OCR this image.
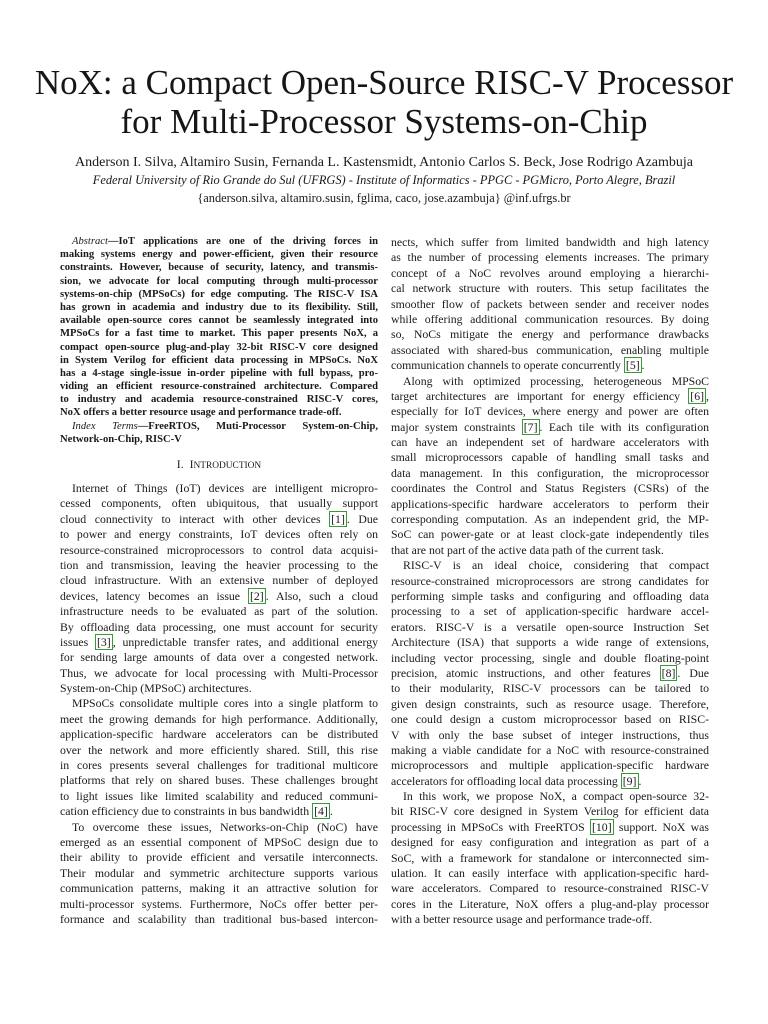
NoX: a Compact Open-Source RISC-V Processor
for Multi-Processor Systems-on-Chip
Anderson I. Silva, Altamiro Susin, Fernanda L. Kastensmidt, Antonio Carlos S. Beck, Jose Rodrigo Azambuja
Federal University of Rio Grande do Sul (UFRGS) - Institute of Informatics - PPGC - PGMicro, Porto Alegre, Brazil
{anderson.silva, altamiro.susin, fglima, caco, jose.azambuja} @inf.ufrgs.br
Abstract—IoT applications are one of the driving forces in
making systems energy and power-efficient, given their resource
constraints. However, because of security, latency, and transmis-
sion, we advocate for local computing through multi-processor
systems-on-chip (MPSoCs) for edge computing. The RISC-V ISA
has grown in academia and industry due to its flexibility. Still,
available open-source cores cannot be seamlessly integrated into
MPSoCs for a fast time to market. This paper presents NoX, a
compact open-source plug-and-play 32-bit RISC-V core designed
in System Verilog for efficient data processing in MPSoCs. NoX
has a 4-stage single-issue in-order pipeline with full bypass, pro-
viding an efficient resource-constrained architecture. Compared
to industry and academia resource-constrained RISC-V cores,
NoX offers a better resource usage and performance trade-off.
Index Terms—FreeRTOS, Muti-Processor System-on-Chip,
Network-on-Chip, RISC-V
I. INTRODUCTION
Internet of Things (IoT) devices are intelligent micropro-
cessed components, often ubiquitous, that usually support
cloud connectivity to interact with other devices [1] . Due
to power and energy constraints, IoT devices often rely on
resource-constrained microprocessors to control data acquisi-
tion and transmission, leaving the heavier processing to the
cloud infrastructure. With an extensive number of deployed
devices, latency becomes an issue [2] . Also, such a cloud
infrastructure needs to be evaluated as part of the solution.
By offloading data processing, one must account for security
issues [3] , unpredictable transfer rates, and additional energy
for sending large amounts of data over a congested network.
Thus, we advocate for local processing with Multi-Processor
System-on-Chip (MPSoC) architectures.
MPSoCs consolidate multiple cores into a single platform to
meet the growing demands for high performance. Additionally,
application-specific hardware accelerators can be distributed
over the network and more efficiently shared. Still, this rise
in cores presents several challenges for traditional multicore
platforms that rely on shared buses. These challenges brought
to light issues like limited scalability and reduced communi-
cation efficiency due to constraints in bus bandwidth [4] .
To overcome these issues, Networks-on-Chip (NoC) have
emerged as an essential component of MPSoC design due to
their ability to provide efficient and versatile interconnects.
Their modular and symmetric architecture supports various
communication patterns, making it an attractive solution for
multi-processor systems. Furthermore, NoCs offer better per-
formance and scalability than traditional bus-based intercon-
nects, which suffer from limited bandwidth and high latency
as the number of processing elements increases. The primary
concept of a NoC revolves around employing a hierarchi-
cal network structure with routers. This setup facilitates the
smoother flow of packets between sender and receiver nodes
while offering additional communication resources. By doing
so, NoCs mitigate the energy and performance drawbacks
associated with shared-bus communication, enabling multiple
communication channels to operate concurrently [5] .
Along with optimized processing, heterogeneous MPSoC
target architectures are important for energy efficiency [6] ,
especially for IoT devices, where energy and power are often
major system constraints [7] . Each tile with its configuration
can have an independent set of hardware accelerators with
small microprocessors capable of handling small tasks and
data management. In this configuration, the microprocessor
coordinates the Control and Status Registers (CSRs) of the
applications-specific hardware accelerators to perform their
corresponding computation. As an independent grid, the MP-
SoC can power-gate or at least clock-gate independently tiles
that are not part of the active data path of the current task.
RISC-V is an ideal choice, considering that compact
resource-constrained microprocessors are strong candidates for
performing simple tasks and configuring and offloading data
processing to a set of application-specific hardware accel-
erators. RISC-V is a versatile open-source Instruction Set
Architecture (ISA) that supports a wide range of extensions,
including vector processing, single and double floating-point
precision, atomic instructions, and other features [8] . Due
to their modularity, RISC-V processors can be tailored to
given design constraints, such as resource usage. Therefore,
one could design a custom microprocessor based on RISC-
V with only the base subset of integer instructions, thus
making a viable candidate for a NoC with resource-constrained
microprocessors and multiple application-specific hardware
accelerators for offloading local data processing [9] .
In this work, we propose NoX, a compact open-source 32-
bit RISC-V core designed in System Verilog for efficient data
processing in MPSoCs with FreeRTOS [10] support. NoX was
designed for easy configuration and integration as part of a
SoC, with a framework for standalone or interconnected sim-
ulation. It can easily interface with application-specific hard-
ware accelerators. Compared to resource-constrained RISC-V
cores in the Literature, NoX offers a plug-and-play processor
with a better resource usage and performance trade-off.
